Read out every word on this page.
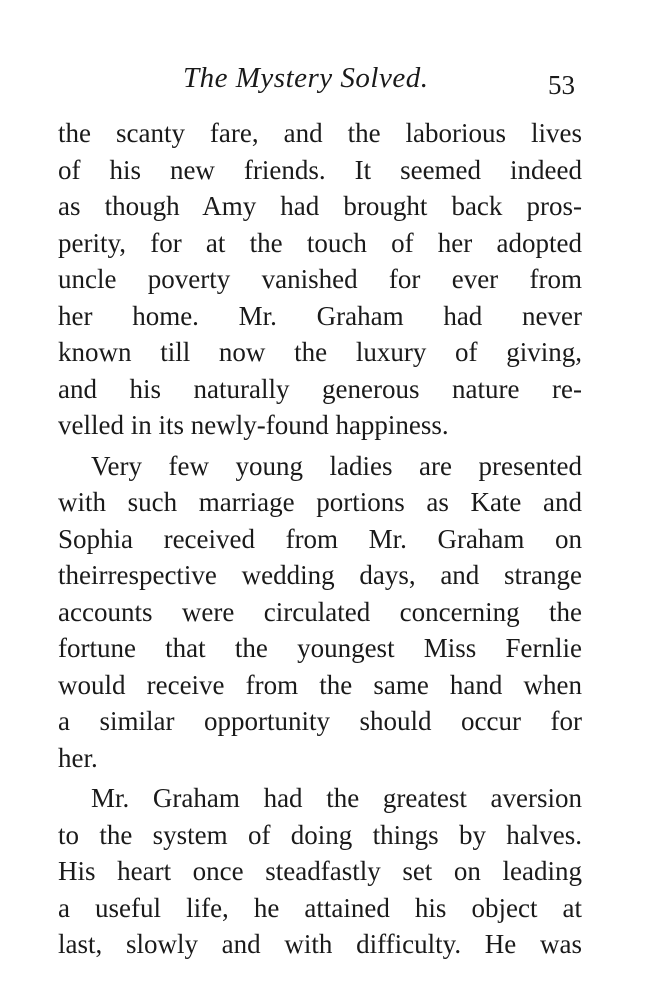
The Mystery Solved.	53
the scanty fare, and the laborious lives
of his new friends. It seemed indeed
as though Amy had brought back pros-
perity, for at the touch of her adopted
uncle poverty vanished for ever from
her home. Mr. Graham had never
known till now the luxury of giving,
and his naturally generous nature re-
velled in its newly-found happiness.
Very few young ladies are presented
with such marriage portions as Kate and
Sophia received from Mr. Graham on
theirrespective wedding days, and strange
accounts were circulated concerning the
fortune that the youngest Miss Fernlie
would receive from the same hand when
a similar opportunity should occur for
her.
Mr. Graham had the greatest aversion
to the system of doing things by halves.
His heart once steadfastly set on leading
a useful life, he attained his object at
last, slowly and with difficulty. He was
